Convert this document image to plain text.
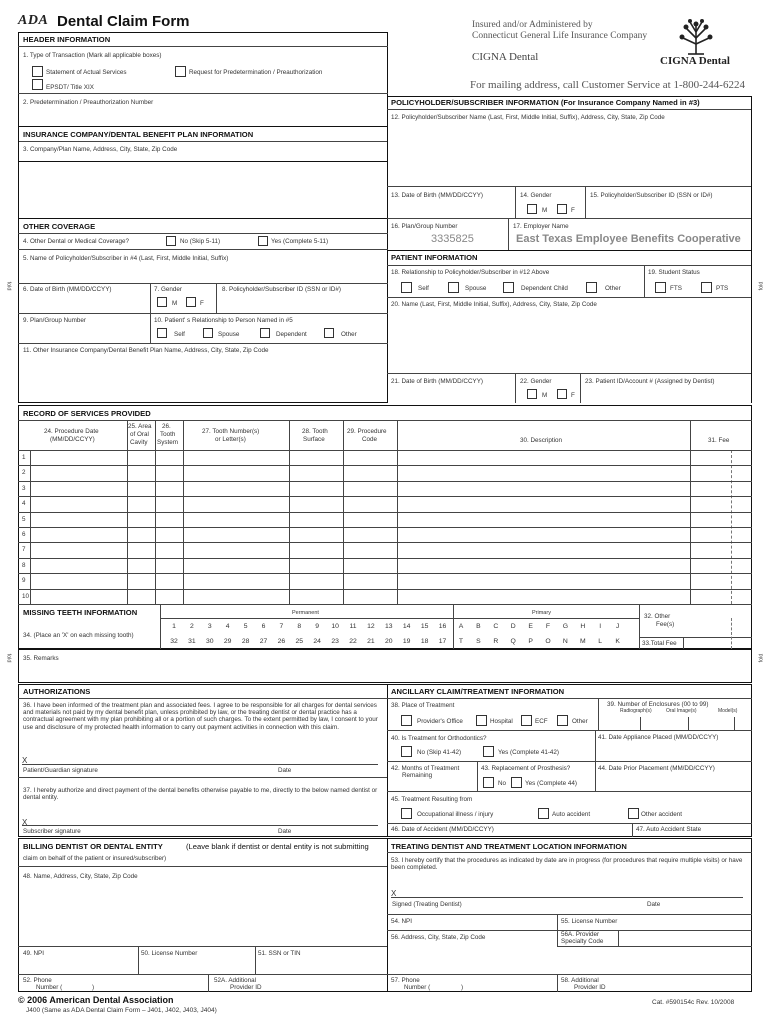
ADA Dental Claim Form	Insured and/or Administered by
Connecticut General Life Insurance Company
CIGNA Dental	CIGNA Dental
For mailing address, call Customer Service at 1-800-244-6224
HEADER INFORMATION
1. Type of Transaction (Mark all applicable boxes)
Statement of Actual Services	Request for Predetermination / Preauthorization
EPSDT/ Title XIX
2. Predetermination / Preauthorization Number
INSURANCE COMPANY/DENTAL BENEFIT PLAN INFORMATION
3. Company/Plan Name, Address, City, State, Zip Code
OTHER COVERAGE
4. Other Dental or Medical Coverage?	No (Skip 5-11)	Yes (Complete 5-11)
5. Name of Policyholder/Subscriber in #4 (Last, First, Middle Initial, Suffix)
6. Date of Birth (MM/DD/CCYY)	7. Gender
M	F
8. Policyholder/Subscriber ID (SSN or ID#)
9. Plan/Group Number	10. Patient' s Relationship to Person Named in #5
Self	Spouse	Dependent	Other
11. Other Insurance Company/Dental Benefit Plan Name, Address, City, State, Zip Code
POLICYHOLDER/SUBSCRIBER INFORMATION (For Insurance Company Named in #3)
12. Policyholder/Subscriber Name (Last, First, Middle Initial, Suffix), Address, City, State, Zip Code
13. Date of Birth (MM/DD/CCYY)	14. Gender
M	F
15. Policyholder/Subscriber ID (SSN or ID#)
16. Plan/Group Number
3335825
17. Employer Name
East Texas Employee Benefits Cooperative
PATIENT INFORMATION
18. Relationship to Policyholder/Subscriber in #12 Above	19. Student Status
Self	Spouse	Dependent Child	Other	FTS	PTS
20. Name (Last, First, Middle Initial, Suffix), Address, City, State, Zip Code
21. Date of Birth (MM/DD/CCYY)	22. Gender
M	F
23. Patient ID/Account # (Assigned by Dentist)
RECORD OF SERVICES PROVIDED
24. Procedure Date
(MM/DD/CCYY)
25. Area
of Oral
Cavity
26.
Tooth
System
27. Tooth Number(s)
or Letter(s)
28. Tooth
Surface
29. Procedure
Code	30. Description	31. Fee
1
2
3
4
5
6
7
8
9
10
MISSING TEETH INFORMATION	Permanent	Primary
34. (Place an 'X' on each missing tooth)
1	2	3	4	5	6	7	8	9	10	11	12	13	14	15	16
32	31	30	29	28	27	26	25	24	23	22	21	20	19	18	17
A	B	C	D	E	F	G	H	I	J
T	S	R	Q	P	O	N	M	L	K
32. Other
Fee(s)
33.Total Fee
35. Remarks
AUTHORIZATIONS
36. I have been informed of the treatment plan and associated fees. I agree to be responsible for all charges for dental services and materials not paid by my dental benefit plan, unless prohibited by law, or the treating dentist or dental practice has a contractual agreement with my plan prohibiting all or a portion of such charges. To the extent permitted by law, I consent to your use and disclosure of my protected health information to carry out payment activities in connection with this claim.
X
Patient/Guardian signature	Date
37. I hereby authorize and direct payment of the dental benefits otherwise payable to me, directly to the below named dentist or dental entity.
X
Subscriber signature	Date
ANCILLARY CLAIM/TREATMENT INFORMATION
38. Place of Treatment
Provider's Office	Hospital	ECF	Other
39. Number of Enclosures (00 to 99)
Radiograph(s)	Oral Image(s)	Model(s)
40. Is Treatment for Orthodontics?
No (Skip 41-42)	Yes (Complete 41-42)
41. Date Appliance Placed (MM/DD/CCYY)
42. Months of Treatment
Remaining
43. Replacement of Prosthesis?
No	Yes (Complete 44)
44. Date Prior Placement (MM/DD/CCYY)
45. Treatment Resulting from
Occupational illness / injury	Auto accident	Other accident
46. Date of Accident (MM/DD/CCYY)	47. Auto Accident State
BILLING DENTIST OR DENTAL ENTITY	(Leave blank if dentist or dental entity is not submitting
claim on behalf of the patient or insured/subscriber)
48. Name, Address, City, State, Zip Code
49. NPI	50. License Number	51. SSN or TIN
52. Phone
Number (	)
52A. Additional
Provider ID
TREATING DENTIST AND TREATMENT LOCATION INFORMATION
53. I hereby certify that the procedures as indicated by date are in progress (for procedures that require multiple visits) or have been completed.
X
Signed (Treating Dentist)	Date
54. NPI	55. License Number
56. Address, City, State, Zip Code	56A. Provider
Specialty Code
57. Phone
Number (	)
58. Additional
Provider ID
© 2006 American Dental Association
J400 (Same as ADA Dental Claim Form – J401, J402, J403, J404)
Cat. #590154c Rev. 10/2008
fold	fold
fold	fold
